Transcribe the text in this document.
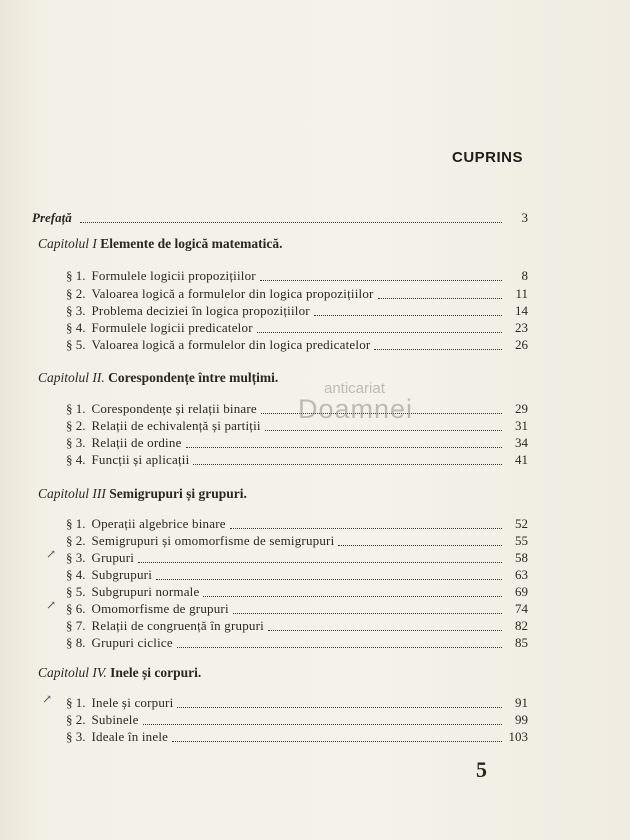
CUPRINS
Prefață	3
Capitolul I Elemente de logică matematică.
§ 1. Formulele logicii propozițiilor	8
§ 2. Valoarea logică a formulelor din logica propozițiilor	11
§ 3. Problema deciziei în logica propozițiilor	14
§ 4. Formulele logicii predicatelor	23
§ 5. Valoarea logică a formulelor din logica predicatelor	26
Capitolul II. Corespondențe între mulțimi.
§ 1. Corespondențe și relații binare	29
§ 2. Relații de echivalență și partiții	31
§ 3. Relații de ordine	34
§ 4. Funcții și aplicații	41
Capitolul III Semigrupuri și grupuri.
§ 1. Operații algebrice binare	52
§ 2. Semigrupuri și omomorfisme de semigrupuri	55
§ 3. Grupuri	58
§ 4. Subgrupuri	63
§ 5. Subgrupuri normale	69
§ 6. Omomorfisme de grupuri	74
§ 7. Relații de congruență în grupuri	82
§ 8. Grupuri ciclice	85
Capitolul IV. Inele și corpuri.
§ 1. Inele și corpuri	91
§ 2. Subinele	99
§ 3. Ideale în inele	103
5
anticariat
Doamnei
↗
↗
↗
